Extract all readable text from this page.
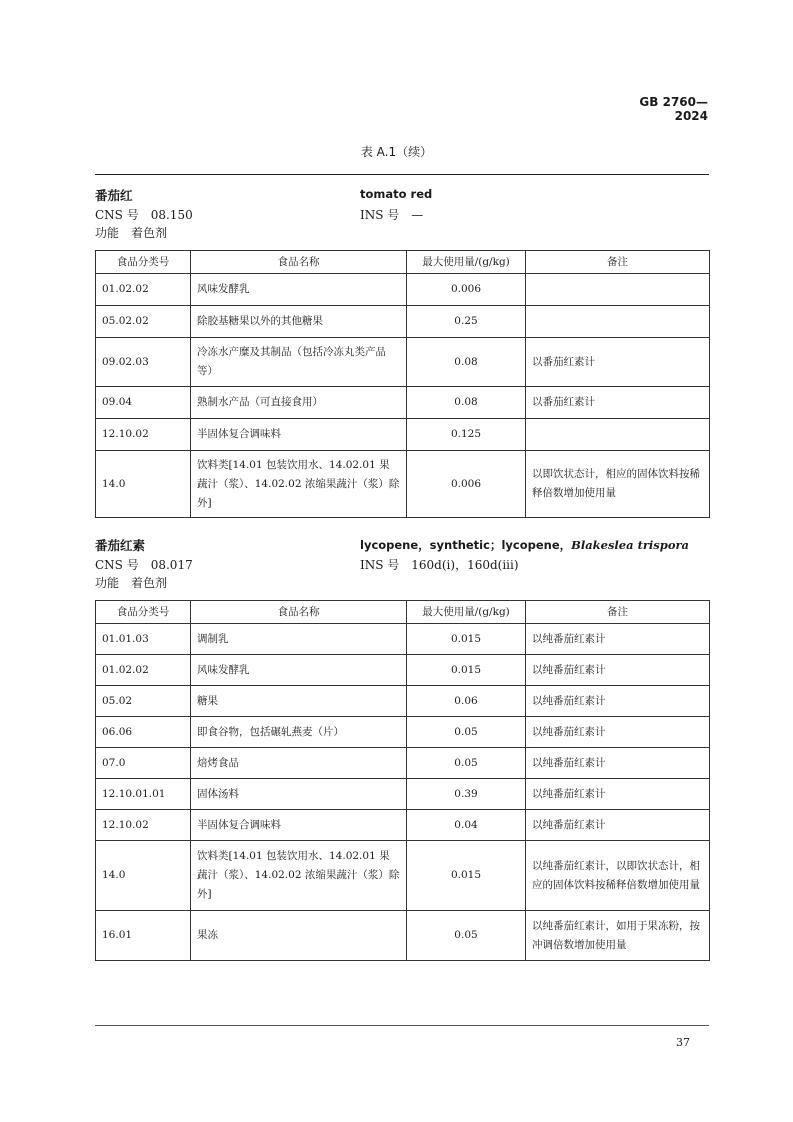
GB 2760—2024
表 A.1（续）
番茄红	tomato red
CNS 号 08.150	INS 号 —
功能 着色剂
食品分类号	食品名称	最大使用量/(g/kg)	备注
01.02.02	风味发酵乳	0.006	
05.02.02	除胶基糖果以外的其他糖果	0.25	
09.02.03	冷冻水产糜及其制品（包括冷冻丸类产品等）	0.08	以番茄红素计
09.04	熟制水产品（可直接食用）	0.08	以番茄红素计
12.10.02	半固体复合调味料	0.125	
14.0	饮料类[14.01 包装饮用水、14.02.01 果蔬汁（浆）、14.02.02 浓缩果蔬汁（浆）除外]	0.006	以即饮状态计，相应的固体饮料按稀释倍数增加使用量
番茄红素	lycopene，synthetic；lycopene，Blakeslea trispora
CNS 号 08.017	INS 号 160d(i)，160d(iii)
功能 着色剂
食品分类号	食品名称	最大使用量/(g/kg)	备注
01.01.03	调制乳	0.015	以纯番茄红素计
01.02.02	风味发酵乳	0.015	以纯番茄红素计
05.02	糖果	0.06	以纯番茄红素计
06.06	即食谷物，包括碾轧燕麦（片）	0.05	以纯番茄红素计
07.0	焙烤食品	0.05	以纯番茄红素计
12.10.01.01	固体汤料	0.39	以纯番茄红素计
12.10.02	半固体复合调味料	0.04	以纯番茄红素计
14.0	饮料类[14.01 包装饮用水、14.02.01 果蔬汁（浆）、14.02.02 浓缩果蔬汁（浆）除外]	0.015	以纯番茄红素计，以即饮状态计，相应的固体饮料按稀释倍数增加使用量
16.01	果冻	0.05	以纯番茄红素计，如用于果冻粉，按冲调倍数增加使用量
37
